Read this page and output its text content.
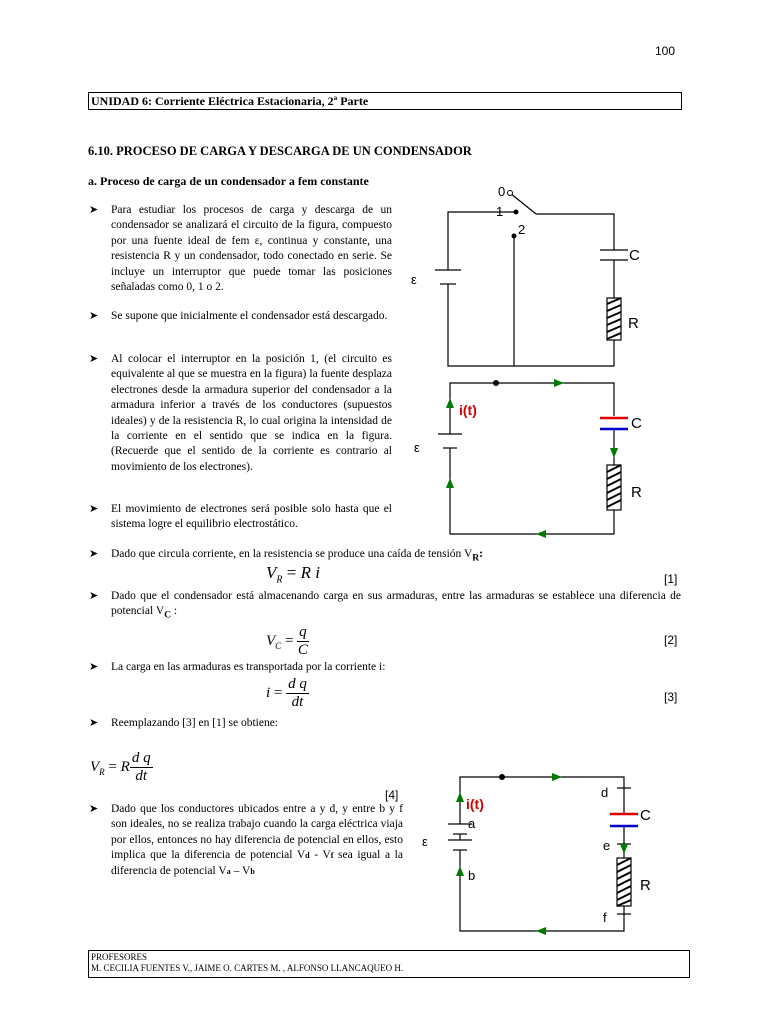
100
UNIDAD 6: Corriente Eléctrica Estacionaria, 2ª Parte
6.10. PROCESO DE CARGA Y DESCARGA DE UN CONDENSADOR
a. Proceso de carga de un condensador a fem constante
➤ Para estudiar los procesos de carga y descarga de un condensador se analizará el circuito de la figura, compuesto por una fuente ideal de fem ε, continua y constante, una resistencia R y un condensador, todo conectado en serie. Se incluye un interruptor que puede tomar las posiciones señaladas como 0, 1 o 2.
➤ Se supone que inicialmente el condensador está descargado.
➤ Al colocar el interruptor en la posición 1, (el circuito es equivalente al que se muestra en la figura) la fuente desplaza electrones desde la armadura superior del condensador a la armadura inferior a través de los conductores (supuestos ideales) y de la resistencia R, lo cual origina la intensidad de la corriente en el sentido que se indica en la figura. (Recuerde que el sentido de la corriente es contrario al movimiento de los electrones).
➤ El movimiento de electrones será posible solo hasta que el sistema logre el equilibrio electrostático.
➤ Dado que circula corriente, en la resistencia se produce una caída de tensión $V_R$:
$V_R = R$ i	[1]
➤ Dado que el condensador está almacenando carga en sus armaduras, entre las armaduras se establece una diferencia de potencial $V_C$ :
$V_C = \frac{q}{C}$	[2]
➤ La carga en las armaduras es transportada por la corriente i:
$i = \frac{\text{d q}}{dt}$	[3]
➤ Reemplazando [3] en [1] se obtiene:
$V_R = R \frac{\text{d q}}{dt}$
[4]
➤ Dado que los conductores ubicados entre a y d, y entre b y f son ideales, no se realiza trabajo cuando la carga eléctrica viaja por ellos, entonces no hay diferencia de potencial en ellos, esto implica que la diferencia de potencial Vd - Vf sea igual a la diferencia de potencial Va – Vb
0
1
2
C
R
ε
i(t)
C
R
ε
i(t)
a
b
d
e
f
C
R
ε
PROFESORES
M. CECILIA FUENTES V., JAIME O. CARTES M. , ALFONSO LLANCAQUEO H.
